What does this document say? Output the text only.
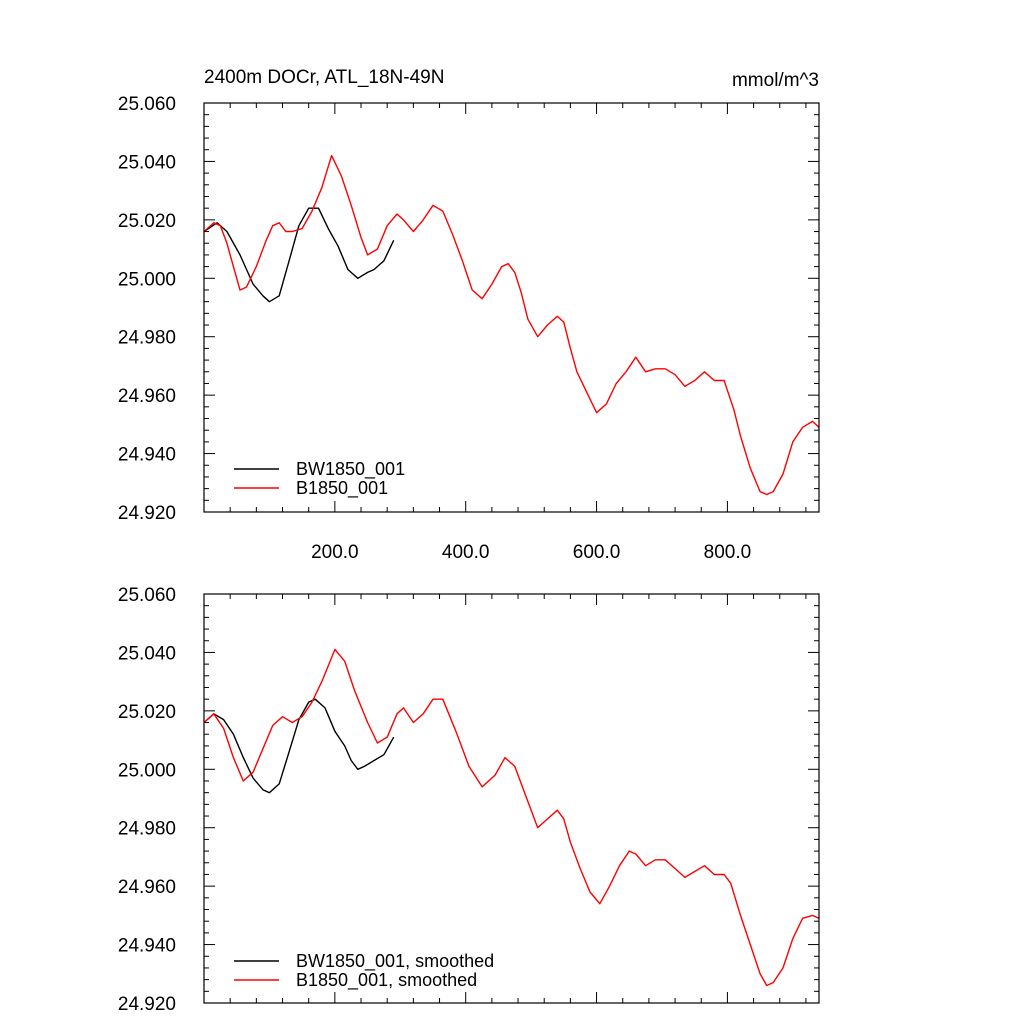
2400m DOCr, ATL_18N-49N	mmol/m^3
200.0	400.0	600.0	800.0
24.920
24.940
24.960
24.980
25.000
25.020
25.040
25.060
BW1850_001
B1850_001
24.920
24.940
24.960
24.980
25.000
25.020
25.040
25.060
BW1850_001, smoothed
B1850_001, smoothed
